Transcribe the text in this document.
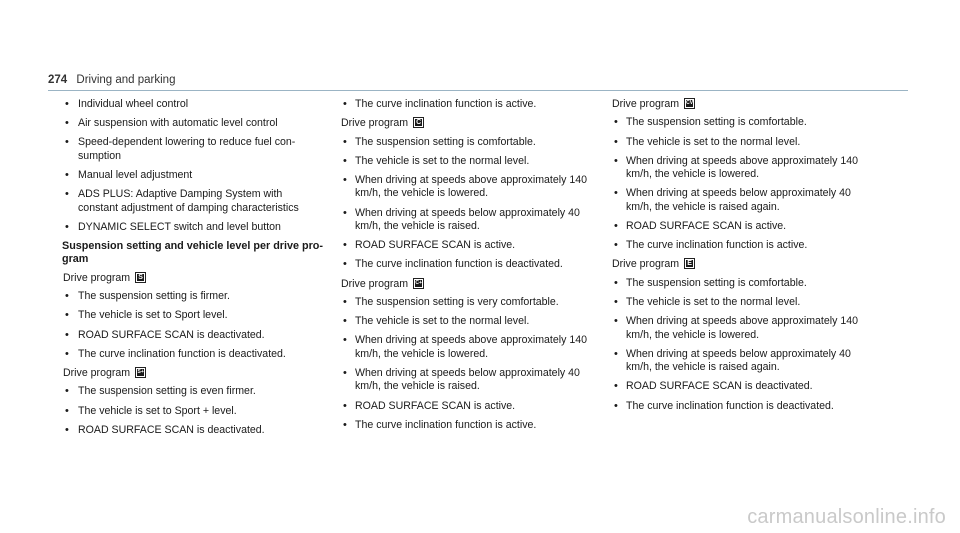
274 Driving and parking
• Individual wheel control
• Air suspension with automatic level control
• Speed-dependent lowering to reduce fuel consumption
• Manual level adjustment
• ADS PLUS: Adaptive Damping System with constant adjustment of damping characteristics
• DYNAMIC SELECT switch and level button
Suspension setting and vehicle level per drive program
Drive programS
• The suspension setting is firmer.
• The vehicle is set to Sport level.
• ROAD SURFACE SCAN is deactivated.
• The curve inclination function is deactivated.
Drive programS+
• The suspension setting is even firmer.
• The vehicle is set to Sport + level.
• ROAD SURFACE SCAN is deactivated.
• The curve inclination function is active.
Drive programC
• The suspension setting is comfortable.
• The vehicle is set to the normal level.
• When driving at speeds above approximately 140 km/h, the vehicle is lowered.
• When driving at speeds below approximately 40 km/h, the vehicle is raised.
• ROAD SURFACE SCAN is active.
• The curve inclination function is deactivated.
Drive programC+
• The suspension setting is very comfortable.
• The vehicle is set to the normal level.
• When driving at speeds above approximately 140 km/h, the vehicle is lowered.
• When driving at speeds below approximately 40 km/h, the vehicle is raised.
• ROAD SURFACE SCAN is active.
• The curve inclination function is active.
Drive programCV
• The suspension setting is comfortable.
• The vehicle is set to the normal level.
• When driving at speeds above approximately 140 km/h, the vehicle is lowered.
• When driving at speeds below approximately 40 km/h, the vehicle is raised again.
• ROAD SURFACE SCAN is active.
• The curve inclination function is active.
Drive programE
• The suspension setting is comfortable.
• The vehicle is set to the normal level.
• When driving at speeds above approximately 140 km/h, the vehicle is lowered.
• When driving at speeds below approximately 40 km/h, the vehicle is raised again.
• ROAD SURFACE SCAN is deactivated.
• The curve inclination function is deactivated.
carmanualsonline.info
